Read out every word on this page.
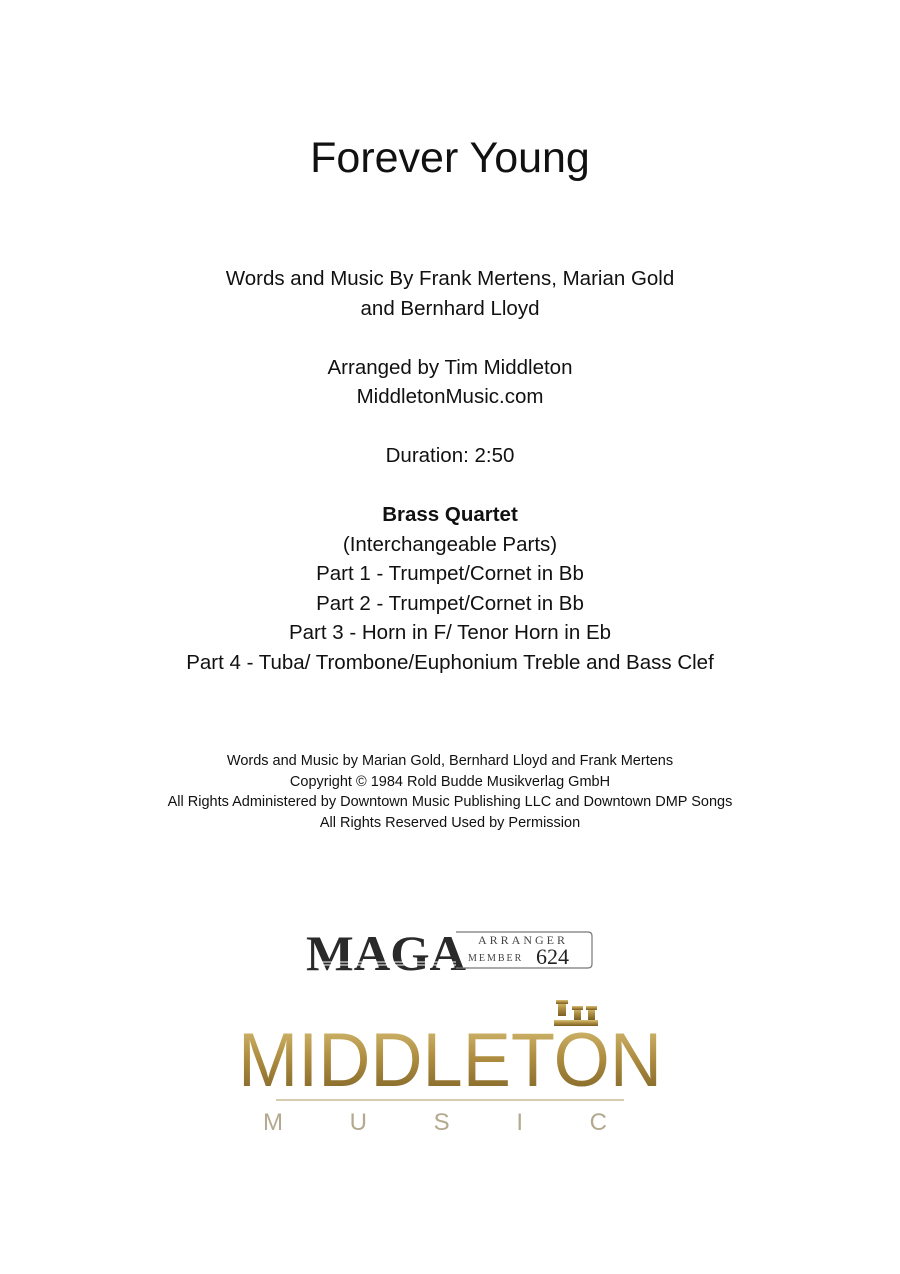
Forever Young
Words and Music By Frank Mertens, Marian Gold
and Bernhard Lloyd
Arranged by Tim Middleton
MiddletonMusic.com
Duration: 2:50
Brass Quartet
(Interchangeable Parts)
Part 1 - Trumpet/Cornet in Bb
Part 2 - Trumpet/Cornet in Bb
Part 3 - Horn in F/ Tenor Horn in Eb
Part 4 - Tuba/ Trombone/Euphonium Treble and Bass Clef
Words and Music by Marian Gold, Bernhard Lloyd and Frank Mertens
Copyright © 1984 Rold Budde Musikverlag GmbH
All Rights Administered by Downtown Music Publishing LLC and Downtown DMP Songs
All Rights Reserved Used by Permission
MAGA ARRANGER
MEMBER 624
MIDDLETON
M U S I C
